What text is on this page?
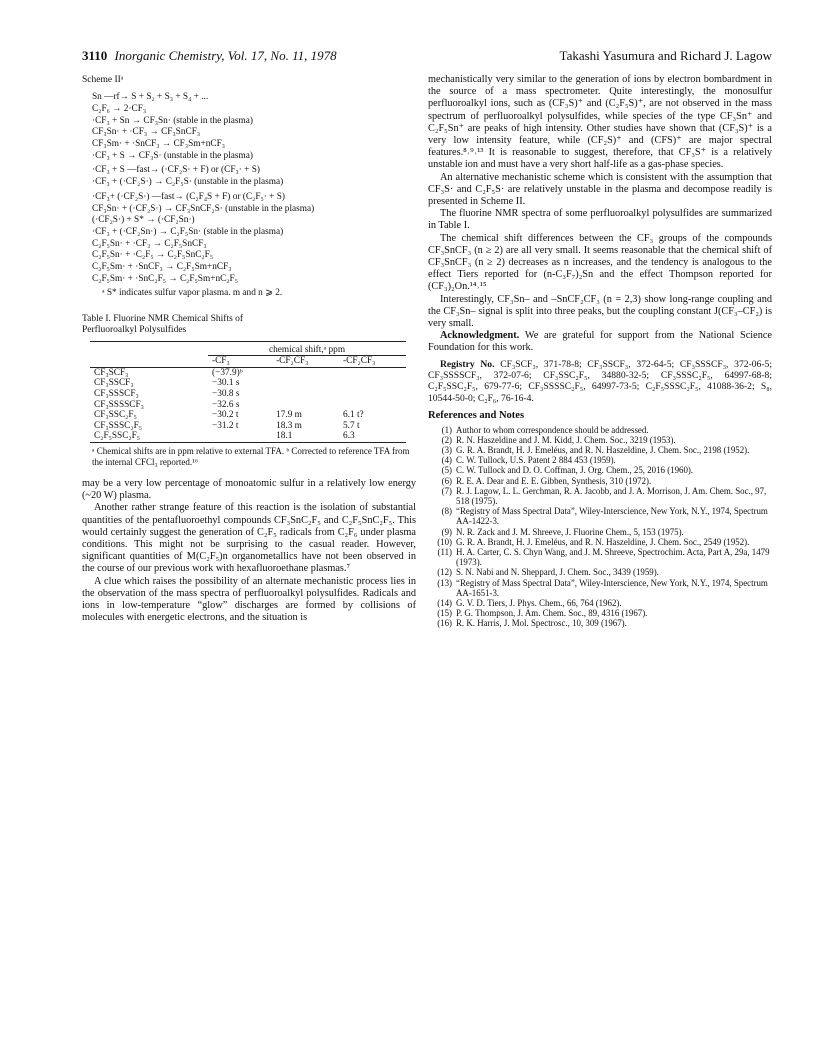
3110 Inorganic Chemistry, Vol. 17, No. 11, 1978	Takashi Yasumura and Richard J. Lagow
Scheme IIᵃ
Sn —rf→ S + S₂ + S₃ + S₄ + ...
C₂F₆ → 2·CF₃
·CF₃ + Sn → CF₃Sn· (stable in the plasma)
CF₃Sn· + ·CF₃ → CF₃SnCF₃
CF₃Sm· + ·SnCF₃ → CF₃Sm+nCF₃
·CF₃ + S → CF₃S· (unstable in the plasma)
·CF₃ + S —fast→ (·CF₂S· + F) or (CF₃· + S)
·CF₃ + (·CF₂S·) → C₂F₅S· (unstable in the plasma)
·CF₃+ (·CF₂S·) —fast→ (C₂F₄S + F) or (C₂F₅· + S)
CF₃Sn· + (·CF₂S·) → CF₃SnCF₂S· (unstable in the plasma)
(·CF₂S·) + S* → (·CF₂Sn·)
·CF₃ + (·CF₂Sn·) → C₂F₅Sn· (stable in the plasma)
C₂F₅Sn· + ·CF₃ → C₂F₅SnCF₃
C₂F₅Sn· + ·C₂F₅ → C₂F₅SnC₂F₅
C₂F₅Sm· + ·SnCF₃ → C₂F₅Sm+nCF₃
C₂F₅Sm· + ·SnC₂F₅ → C₂F₅Sm+nC₂F₅
ᵃ S* indicates sulfur vapor plasma. m and n ⩾ 2.
Table I. Fluorine NMR Chemical Shifts of
Perfluoroalkyl Polysulfides
	chemical shift,ᵃ ppm		
	-CF₃	-CF₂CF₃	-CF₂CF₃
CF₃SCF₃	(−37.9)ᵇ		
CF₃SSCF₃	−30.1 s		
CF₃SSSCF₃	−30.8 s		
CF₃SSSSCF₃	−32.6 s		
CF₃SSC₂F₅	−30.2 t	17.9 m	6.1 t?
CF₃SSSC₂F₅	−31.2 t	18.3 m	5.7 t
C₂F₅SSC₂F₅		18.1	6.3
ᵃ Chemical shifts are in ppm relative to external TFA. ᵇ Corrected to reference TFA from the internal CFCl₃ reported.¹⁶

may be a very low percentage of monoatomic sulfur in a relatively low energy (~20 W) plasma.

Another rather strange feature of this reaction is the isolation of substantial quantities of the pentafluoroethyl compounds CF₃SnC₂F₅ and C₂F₅SnC₂F₅. This would certainly suggest the generation of C₂F₅ radicals from C₂F₆ under plasma conditions. This might not be surprising to the casual reader. However, significant quantities of M(C₂F₅)n organometallics have not been observed in the course of our previous work with hexafluoroethane plasmas.⁷

A clue which raises the possibility of an alternate mechanistic process lies in the observation of the mass spectra of perfluoroalkyl polysulfides. Radicals and ions in low-temperature “glow” discharges are formed by collisions of molecules with energetic electrons, and the situation is

mechanistically very similar to the generation of ions by electron bombardment in the source of a mass spectrometer. Quite interestingly, the monosulfur perfluoroalkyl ions, such as (CF₃S)⁺ and (C₂F₅S)⁺, are not observed in the mass spectrum of perfluoroalkyl polysulfides, while species of the type CF₃Sn⁺ and C₂F₅Sn⁺ are peaks of high intensity. Other studies have shown that (CF₃S)⁺ is a very low intensity feature, while (CF₂S)⁺ and (CFS)⁺ are major spectral features.⁸˒⁹˒¹³ It is reasonable to suggest, therefore, that CF₃S⁺ is a relatively unstable ion and must have a very short half-life as a gas-phase species.

An alternative mechanistic scheme which is consistent with the assumption that CF₃S· and C₂F₅S· are relatively unstable in the plasma and decompose readily is presented in Scheme II.

The fluorine NMR spectra of some perfluoroalkyl polysulfides are summarized in Table I.

The chemical shift differences between the CF₃ groups of the compounds CF₃SnCF₃ (n ≥ 2) are all very small. It seems reasonable that the chemical shift of CF₃SnCF₃ (n ≥ 2) decreases as n increases, and the tendency is analogous to the effect Tiers reported for (n-C₃F₇)₂Sn and the effect Thompson reported for (CF₃)₂On.¹⁴˒¹⁵

Interestingly, CF₃Sn– and –SnCF₂CF₃ (n = 2,3) show long-range coupling and the CF₃Sn– signal is split into three peaks, but the coupling constant J(CF₃–CF₂) is very small.

Acknowledgment. We are grateful for support from the National Science Foundation for this work.

Registry No. CF₃SCF₃, 371-78-8; CF₃SSCF₃, 372-64-5; CF₃SSSCF₃, 372-06-5; CF₃SSSSCF₃, 372-07-6; CF₃SSC₂F₅, 34880-32-5; CF₃SSSC₂F₅, 64997-68-8; C₂F₅SSC₂F₅, 679-77-6; CF₃SSSSC₂F₅, 64997-73-5; C₂F₅SSSC₂F₅, 41088-36-2; S₈, 10544-50-0; C₂F₆, 76-16-4.
References and Notes
(1) Author to whom correspondence should be addressed.
(2) R. N. Haszeldine and J. M. Kidd, J. Chem. Soc., 3219 (1953).
(3) G. R. A. Brandt, H. J. Emeléus, and R. N. Haszeldine, J. Chem. Soc., 2198 (1952).
(4) C. W. Tullock, U.S. Patent 2 884 453 (1959).
(5) C. W. Tullock and D. O. Coffman, J. Org. Chem., 25, 2016 (1960).
(6) R. E. A. Dear and E. E. Gibben, Synthesis, 310 (1972).
(7) R. J. Lagow, L. L. Gerchman, R. A. Jacobb, and J. A. Morrison, J. Am. Chem. Soc., 97, 518 (1975).
(8) “Registry of Mass Spectral Data”, Wiley-Interscience, New York, N.Y., 1974, Spectrum AA-1422-3.
(9) N. R. Zack and J. M. Shreeve, J. Fluorine Chem., 5, 153 (1975).
(10) G. R. A. Brandt, H. J. Emeléus, and R. N. Haszeldine, J. Chem. Soc., 2549 (1952).
(11) H. A. Carter, C. S. Chyn Wang, and J. M. Shreeve, Spectrochim. Acta, Part A, 29a, 1479 (1973).
(12) S. N. Nabi and N. Sheppard, J. Chem. Soc., 3439 (1959).
(13) “Registry of Mass Spectral Data”, Wiley-Interscience, New York, N.Y., 1974, Spectrum AA-1651-3.
(14) G. V. D. Tiers, J. Phys. Chem., 66, 764 (1962).
(15) P. G. Thompson, J. Am. Chem. Soc., 89, 4316 (1967).
(16) R. K. Harris, J. Mol. Spectrosc., 10, 309 (1967).
